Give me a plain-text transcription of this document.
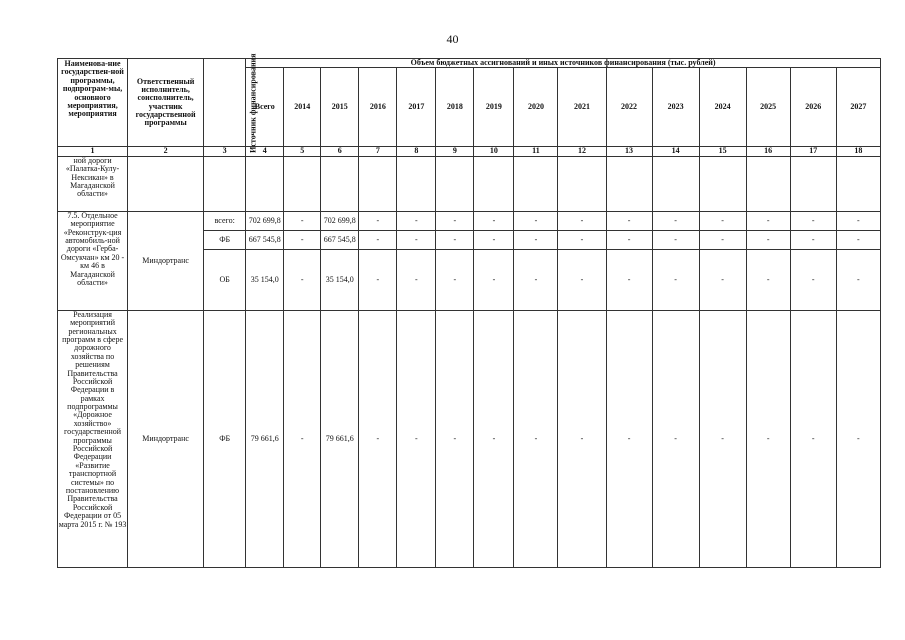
40
Наименова-ние государствен-ной программы, подпрограм-мы, основного мероприятия, мероприятия	Ответственный исполнитель, соисполнитель, участник государственной программы	Источник финансирования	Объем бюджетных ассигнований и иных источников финансирования (тыс. рублей)														
			Всего	2014	2015	2016	2017	2018	2019	2020	2021	2022	2023	2024	2025	2026	2027
1	2	3	4	5	6	7	8	9	10	11	12	13	14	15	16	17	18
ной дороги «Палатка-Кулу-Нексикан» в Магаданской области»																	
7.5. Отдельное мероприятие «Реконструк-ция автомобиль-ной дороги «Герба-Омсукчан» км 20 - км 46 в Магаданской области»	Миндортранс	всего:	702 699,8	-	702 699,8	-	-	-	-	-	-	-	-	-	-	-	-
		ФБ	667 545,8	-	667 545,8	-	-	-	-	-	-	-	-	-	-	-	-
		ОБ	35 154,0	-	35 154,0	-	-	-	-	-	-	-	-	-	-	-	-
Реализация мероприятий региональных программ в сфере дорожного хозяйства по решениям Правительства Российской Федерации в рамках подпрограммы «Дорожное хозяйство» государственной программы Российской Федерации «Развитие транспортной системы» по постановлению Правительства Российской Федерации от 05 марта 2015 г. № 193	Миндортранс	ФБ	79 661,6	-	79 661,6	-	-	-	-	-	-	-	-	-	-	-	-
